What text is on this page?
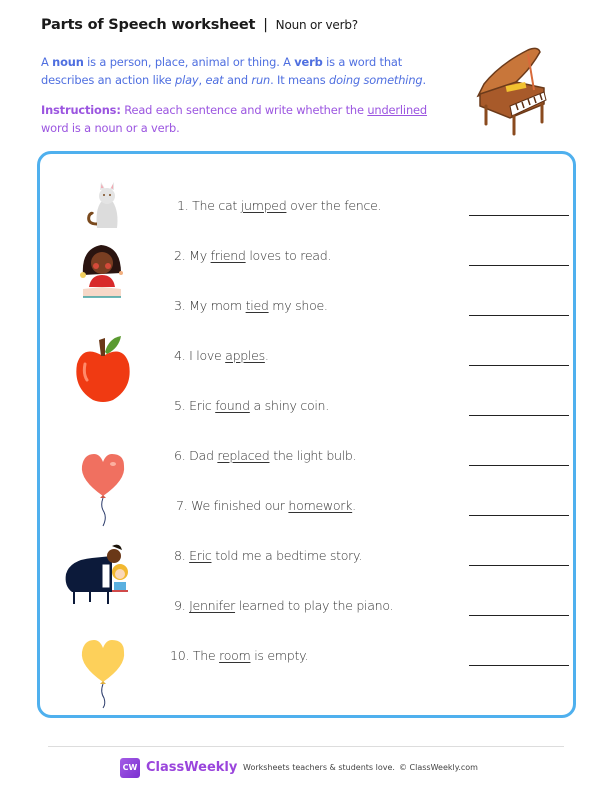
Parts of Speech worksheet | Noun or verb?
A noun is a person, place, animal or thing. A verb is a word that describes an action like play, eat and run. It means doing something.
Instructions: Read each sentence and write whether the underlined word is a noun or a verb.
1. The cat jumped over the fence.
2. My friend loves to read.
3. My mom tied my shoe.
4. I love apples.
5. Eric found a shiny coin.
6. Dad replaced the light bulb.
7. We finished our homework.
8. Eric told me a bedtime story.
9. Jennifer learned to play the piano.
10. The room is empty.
CW ClassWeekly Worksheets teachers & students love. © ClassWeekly.com
